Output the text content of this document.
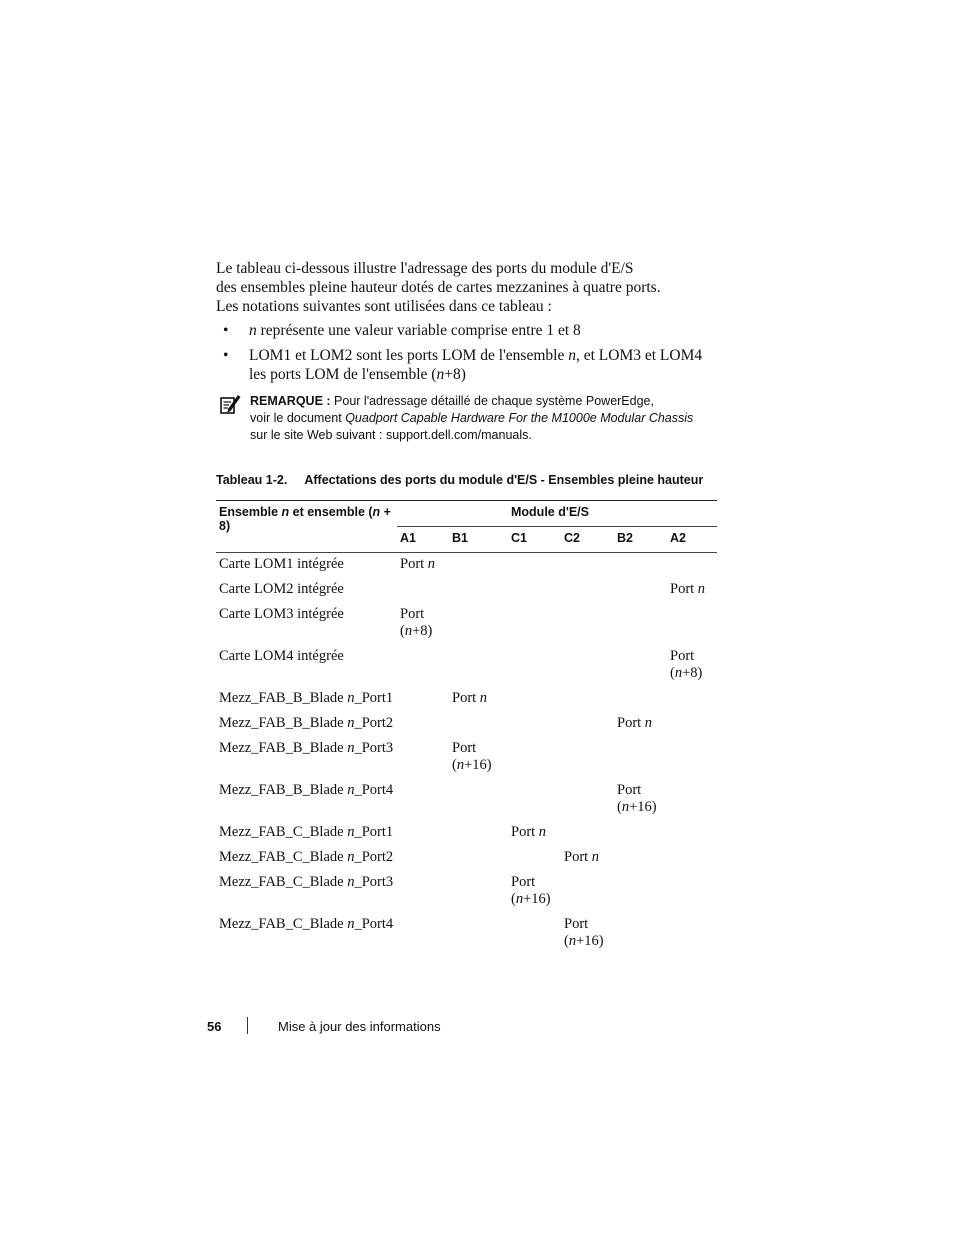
Le tableau ci-dessous illustre l'adressage des ports du module d'E/S

des ensembles pleine hauteur dotés de cartes mezzanines à quatre ports.

Les notations suivantes sont utilisées dans ce tableau :

• n représente une valeur variable comprise entre 1 et 8
• LOM1 et LOM2 sont les ports LOM de l'ensemble n, et LOM3 et LOM4
les ports LOM de l'ensemble (n+8)
REMARQUE : Pour l'adressage détaillé de chaque système PowerEdge,
voir le document Quadport Capable Hardware For the M1000e Modular Chassis
sur le site Web suivant : support.dell.com/manuals.
Tableau 1-2. Affectations des ports du module d'E/S - Ensembles pleine hauteur
Ensemble n et ensemble (n + 8)			Module d'E/S			
	A1	B1	C1	C2	B2	A2
Carte LOM1 intégrée	Port n					
Carte LOM2 intégrée						Port n
Carte LOM3 intégrée	Port
(n+8)					
Carte LOM4 intégrée						Port
(n+8)
Mezz_FAB_B_Blade n_Port1		Port n				
Mezz_FAB_B_Blade n_Port2					Port n	
Mezz_FAB_B_Blade n_Port3		Port
(n+16)				
Mezz_FAB_B_Blade n_Port4					Port
(n+16)	
Mezz_FAB_C_Blade n_Port1			Port n			
Mezz_FAB_C_Blade n_Port2				Port n		
Mezz_FAB_C_Blade n_Port3			Port
(n+16)			
Mezz_FAB_C_Blade n_Port4				Port
(n+16)		
56	Mise à jour des informations
